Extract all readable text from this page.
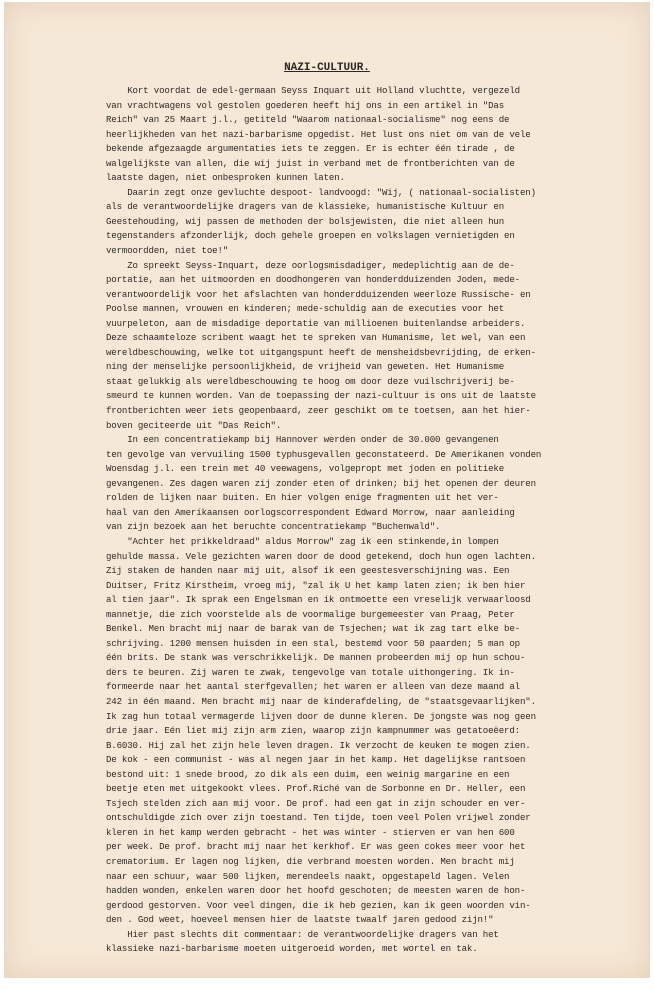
NAZI-CULTUUR.
Kort voordat de edel-germaan Seyss Inquart uit Holland vluchtte, vergezeld
van vrachtwagens vol gestolen goederen heeft hij ons in een artikel in "Das
Reich" van 25 Maart j.l., getiteld "Waarom nationaal-socialisme" nog eens de
heerlijkheden van het nazi-barbarisme opgedist. Het lust ons niet om van de vele
bekende afgezaagde argumentaties iets te zeggen. Er is echter één tirade , de
walgelijkste van allen, die wij juist in verband met de frontberichten van de
laatste dagen, niet onbesproken kunnen laten.
Daarin zegt onze gevluchte despoot- landvoogd: "Wij, ( nationaal-socialisten)
als de verantwoordelijke dragers van de klassieke, humanistische Kultuur en
Geestehouding, wij passen de methoden der bolsjewisten, die niet alleen hun
tegenstanders afzonderlijk, doch gehele groepen en volkslagen vernietigden en
vermoordden, niet toe!"
Zo spreekt Seyss-Inquart, deze oorlogsmisdadiger, medeplichtig aan de de-
portatie, aan het uitmoorden en doodhongeren van honderdduizenden Joden, mede-
verantwoordelijk voor het afslachten van honderdduizenden weerloze Russische- en
Poolse mannen, vrouwen en kinderen; mede-schuldig aan de executies voor het
vuurpeleton, aan de misdadige deportatie van millioenen buitenlandse arbeiders.
Deze schaamteloze scribent waagt het te spreken van Humanisme, let wel, van een
wereldbeschouwing, welke tot uitgangspunt heeft de mensheidsbevrijding, de erken-
ning der menselijke persoonlijkheid, de vrijheid van geweten. Het Humanisme
staat gelukkig als wereldbeschouwing te hoog om door deze vuilschrijverij be-
smeurd te kunnen worden. Van de toepassing der nazi-cultuur is ons uit de laatste
frontberichten weer iets geopenbaard, zeer geschikt om te toetsen, aan het hier-
boven geciteerde uit "Das Reich".
In een concentratiekamp bij Hannover werden onder de 30.000 gevangenen
ten gevolge van vervuiling 1500 typhusgevallen geconstateerd. De Amerikanen vonden
Woensdag j.l. een trein met 40 veewagens, volgepropt met joden en politieke
gevangenen. Zes dagen waren zij zonder eten of drinken; bij het openen der deuren
rolden de lijken naar buiten. En hier volgen enige fragmenten uit het ver-
haal van den Amerikaansen oorlogscorrespondent Edward Morrow, naar aanleiding
van zijn bezoek aan het beruchte concentratiekamp "Buchenwald".
"Achter het prikkeldraad" aldus Morrow" zag ik een stinkende,in lompen
gehulde massa. Vele gezichten waren door de dood getekend, doch hun ogen lachten.
Zij staken de handen naar mij uit, alsof ik een geestesverschijning was. Een
Duitser, Fritz Kirstheim, vroeg mij, "zal ik U het kamp laten zien; ik ben hier
al tien jaar". Ik sprak een Engelsman en ik ontmoette een vreselijk verwaarloosd
mannetje, die zich voorstelde als de voormalige burgemeester van Praag, Peter
Benkel. Men bracht mij naar de barak van de Tsjechen; wat ik zag tart elke be-
schrijving. 1200 mensen huisden in een stal, bestemd voor 50 paarden; 5 man op
één brits. De stank was verschrikkelijk. De mannen probeerden mij op hun schou-
ders te beuren. Zij waren te zwak, tengevolge van totale uithongering. Ik in-
formeerde naar het aantal sterfgevallen; het waren er alleen van deze maand al
242 in één maand. Men bracht mij naar de kinderafdeling, de "staatsgevaarlijken".
Ik zag hun totaal vermagerde lijven door de dunne kleren. De jongste was nog geen
drie jaar. Eén liet mij zijn arm zien, waarop zijn kampnummer was getatoeëerd:
B.6030. Hij zal het zijn hele leven dragen. Ik verzocht de keuken te mogen zien.
De kok - een communist - was al negen jaar in het kamp. Het dagelijkse rantsoen
bestond uit: 1 snede brood, zo dik als een duim, een weinig margarine en een
beetje eten met uitgekookt vlees. Prof.Riché van de Sorbonne en Dr. Heller, een
Tsjech stelden zich aan mij voor. De prof. had een gat in zijn schouder en ver-
ontschuldigde zich over zijn toestand. Ten tijde, toen veel Polen vrijwel zonder
kleren in het kamp werden gebracht - het was winter - stierven er van hen 600
per week. De prof. bracht mij naar het kerkhof. Er was geen cokes meer voor het
crematorium. Er lagen nog lijken, die verbrand moesten worden. Men bracht mij
naar een schuur, waar 500 lijken, merendeels naakt, opgestapeld lagen. Velen
hadden wonden, enkelen waren door het hoofd geschoten; de meesten waren de hon-
gerdood gestorven. Voor veel dingen, die ik heb gezien, kan ik geen woorden vin-
den . God weet, hoeveel mensen hier de laatste twaalf jaren gedood zijn!"
Hier past slechts dit commentaar: de verantwoordelijke dragers van het
klassieke nazi-barbarisme moeten uitgeroeid worden, met wortel en tak.
